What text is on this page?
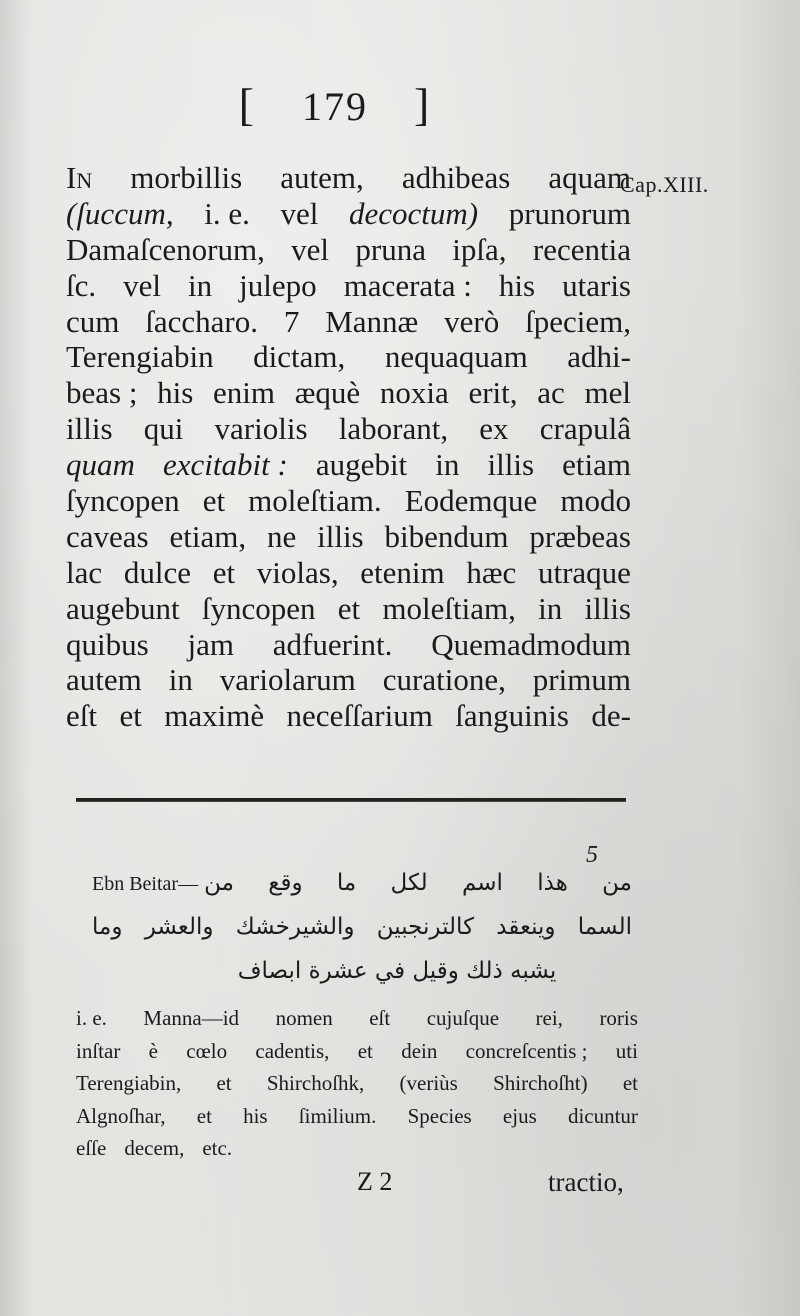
[ 179 ]
Cap.XIII.
In morbillis autem, adhibeas aquam
(ſuccum, i. e. vel decoctum) prunorum
Damaſcenorum, vel pruna ipſa, recentia
ſc. vel in julepo macerata : his utaris
cum ſaccharo. 7 Mannæ verò ſpeciem,
Terengiabin dictam, nequaquam adhi-
beas ; his enim æquè noxia erit, ac mel
illis qui variolis laborant, ex crapulâ
quam excitabit : augebit in illis etiam
ſyncopen et moleſtiam. Eodemque modo
caveas etiam, ne illis bibendum præbeas
lac dulce et violas, etenim hæc utraque
augebunt ſyncopen et moleſtiam, in illis
quibus jam adfuerint. Quemadmodum
autem in variolarum curatione, primum
eſt et maximè neceſſarium ſanguinis de-
5
Ebn Beitar— من هذا اسم لكل ما وقع من
السما وينعقد كالترنجبين والشيرخشك والعشر وما
يشبه ذلك وقيل في عشرة ابصاف
i. e. Manna—id nomen eſt cujuſque rei, roris
inſtar è cœlo cadentis, et dein concreſcentis ; uti
Terengiabin, et Shirchoſhk, (veriùs Shirchoſht) et
Algnoſhar, et his ſimilium. Species ejus dicuntur
eſſe decem, etc.
Z 2	tractio,
